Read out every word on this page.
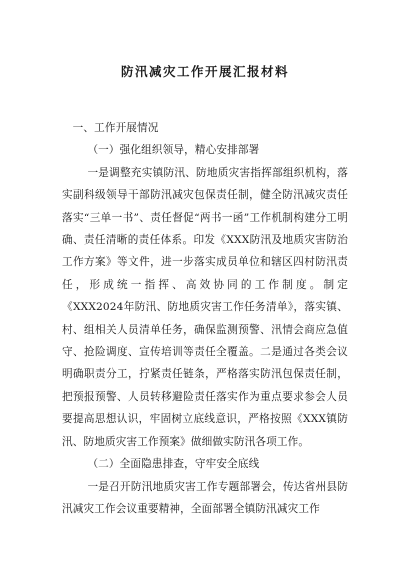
防汛减灾工作开展汇报材料

一、工作开展情况

（一）强化组织领导，精心安排部署

一是调整充实镇防汛、防地质灾害指挥部组织机构，落实副科级领导干部防汛减灾包保责任制，健全防汛减灾责任落实“三单一书”、责任督促“两书一函”工作机制构建分工明确、责任清晰的责任体系。印发《XXX防汛及地质灾害防治工作方案》等文件，进一步落实成员单位和辖区四村防汛责任，形成统一指挥、高效协同的工作制度。制定《XXX2024年防汛、防地质灾害工作任务清单》，落实镇、村、组相关人员清单任务，确保监测预警、汛情会商应急值守、抢险调度、宣传培训等责任全覆盖。二是通过各类会议明确职责分工，拧紧责任链条，严格落实防汛包保责任制，把预报预警、人员转移避险责任落实作为重点要求参会人员要提高思想认识，牢固树立底线意识，严格按照《XXX镇防汛、防地质灾害工作预案》做细做实防汛各项工作。

（二）全面隐患排查，守牢安全底线

一是召开防汛地质灾害工作专题部署会，传达省州县防汛减灾工作会议重要精神，全面部署全镇防汛减灾工作
